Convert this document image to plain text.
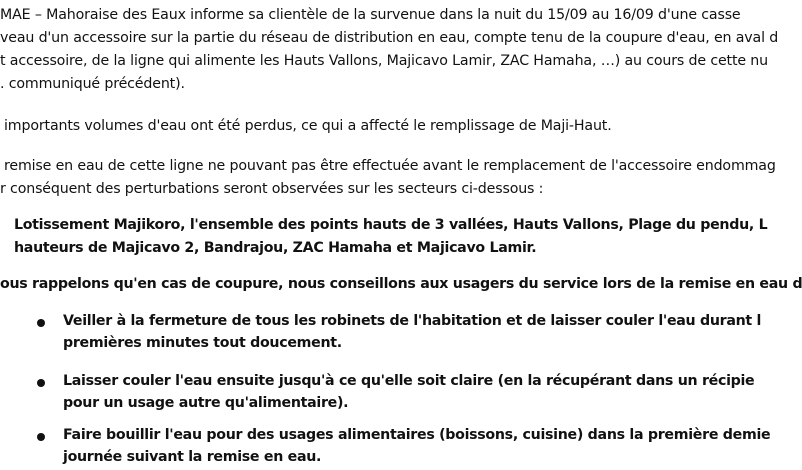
MAE – Mahoraise des Eaux informe sa clientèle de la survenue dans la nuit du 15/09 au 16/09 d'une casse
veau d'un accessoire sur la partie du réseau de distribution en eau, compte tenu de la coupure d'eau, en aval d
t accessoire, de la ligne qui alimente les Hauts Vallons, Majicavo Lamir, ZAC Hamaha, …) au cours de cette nu
. communiqué précédent).
importants volumes d'eau ont été perdus, ce qui a affecté le remplissage de Maji-Haut.
remise en eau de cette ligne ne pouvant pas être effectuée avant le remplacement de l'accessoire endommag
r conséquent des perturbations seront observées sur les secteurs ci-dessous :
Lotissement Majikoro, l'ensemble des points hauts de 3 vallées, Hauts Vallons, Plage du pendu, L
hauteurs de Majicavo 2, Bandrajou, ZAC Hamaha et Majicavo Lamir.
ous rappelons qu'en cas de coupure, nous conseillons aux usagers du service lors de la remise en eau d
Veiller à la fermeture de tous les robinets de l'habitation et de laisser couler l'eau durant l
premières minutes tout doucement.
Laisser couler l'eau ensuite jusqu'à ce qu'elle soit claire (en la récupérant dans un récipie
pour un usage autre qu'alimentaire).
Faire bouillir l'eau pour des usages alimentaires (boissons, cuisine) dans la première demie
journée suivant la remise en eau.
